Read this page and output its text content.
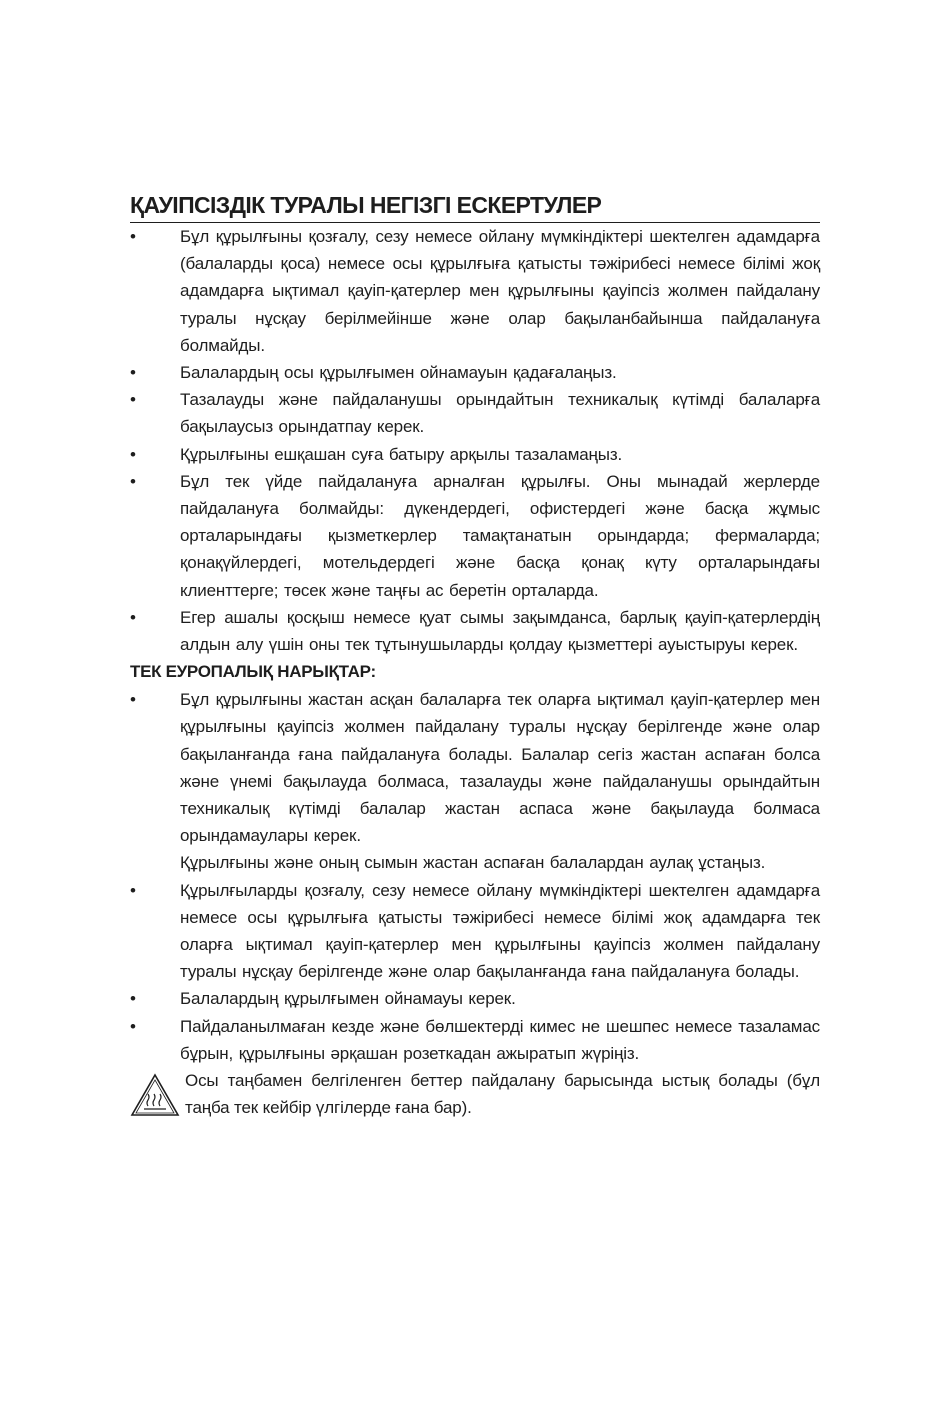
ҚАУІПСІЗДІК ТУРАЛЫ НЕГІЗГІ ЕСКЕРТУЛЕР
•	Бұл құрылғыны қозғалу, сезу немесе ойлану мүмкіндіктері шектелген адамдарға (балаларды қоса) немесе осы құрылғыға қатысты тәжірибесі немесе білімі жоқ адамдарға ықтимал қауіп-қатерлер мен құрылғыны қауіпсіз жолмен пайдалану туралы нұсқау берілмейінше және олар бақыланбайынша пайдалануға болмайды.
•	Балалардың осы құрылғымен ойнамауын қадағалаңыз.
•	Тазалауды және пайдаланушы орындайтын техникалық күтімді балаларға бақылаусыз орындатпау керек.
•	Құрылғыны ешқашан суға батыру арқылы тазаламаңыз.
•	Бұл тек үйде пайдалануға арналған құрылғы. Оны мынадай жерлерде пайдалануға болмайды: дүкендердегі, офистердегі және басқа жұмыс орталарындағы қызметкерлер тамақтанатын орындарда; фермаларда; қонақүйлердегі, мотельдердегі және басқа қонақ күту орталарындағы клиенттерге; төсек және таңғы ас беретін орталарда.
•	Егер ашалы қосқыш немесе қуат сымы зақымданса, барлық қауіп-қатерлердің алдын алу үшін оны тек тұтынушыларды қолдау қызметтері ауыстыруы керек.
ТЕК ЕУРОПАЛЫҚ НАРЫҚТАР:
•	Бұл құрылғыны жастан асқан балаларға тек оларға ықтимал қауіп-қатерлер мен құрылғыны қауіпсіз жолмен пайдалану туралы нұсқау берілгенде және олар бақыланғанда ғана пайдалануға болады. Балалар сегіз жастан аспаған болса және үнемі бақылауда болмаса, тазалауды және пайдаланушы орындайтын техникалық күтімді балалар жастан аспаса және бақылауда болмаса орындамаулары керек.
Құрылғыны және оның сымын жастан аспаған балалардан аулақ ұстаңыз.
•	Құрылғыларды қозғалу, сезу немесе ойлану мүмкіндіктері шектелген адамдарға немесе осы құрылғыға қатысты тәжірибесі немесе білімі жоқ адамдарға тек оларға ықтимал қауіп-қатерлер мен құрылғыны қауіпсіз жолмен пайдалану туралы нұсқау берілгенде және олар бақыланғанда ғана пайдалануға болады.
•	Балалардың құрылғымен ойнамауы керек.
•	Пайдаланылмаған кезде және бөлшектерді кимес не шешпес немесе тазаламас бұрын, құрылғыны әрқашан розеткадан ажыратып жүріңіз.
Осы таңбамен белгіленген беттер пайдалану барысында ыстық болады (бұл таңба тек кейбір үлгілерде ғана бар).
